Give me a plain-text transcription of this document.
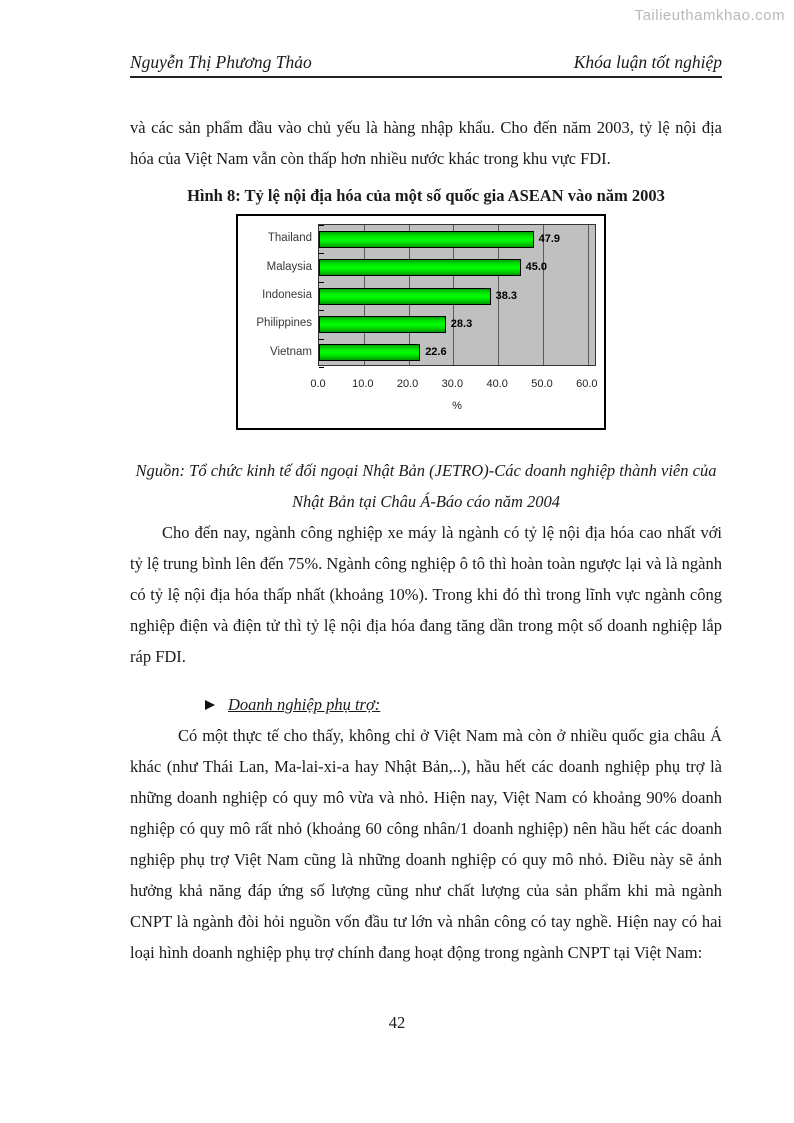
Tailieuthamkhao.com
Nguyễn Thị Phương Thảo	Khóa luận tốt nghiệp

và các sản phẩm đầu vào chủ yếu là hàng nhập khẩu. Cho đến năm 2003, tỷ lệ nội địa hóa của Việt Nam vẫn còn thấp hơn nhiều nước khác trong khu vực FDI.

Hình 8: Tỷ lệ nội địa hóa của một số quốc gia ASEAN vào năm 2003

47.9
45.0
38.3
28.3
22.6
0.0	10.0	20.0	30.0	40.0	50.0	60.0
%
Thailand
Malaysia
Indonesia
Philippines
Vietnam

Nguồn: Tổ chức kinh tế đối ngoại Nhật Bản (JETRO)-Các doanh nghiệp thành viên của Nhật Bản tại Châu Á-Báo cáo năm 2004

Cho đến nay, ngành công nghiệp xe máy là ngành có tỷ lệ nội địa hóa cao nhất với tỷ lệ trung bình lên đến 75%. Ngành công nghiệp ô tô thì hoàn toàn ngược lại và là ngành có tỷ lệ nội địa hóa thấp nhất (khoảng 10%). Trong khi đó thì trong lĩnh vực ngành công nghiệp điện và điện tử thì tỷ lệ nội địa hóa đang tăng dần trong một số doanh nghiệp lắp ráp FDI.

Doanh nghiệp phụ trợ:

Có một thực tế cho thấy, không chỉ ở Việt Nam mà còn ở nhiều quốc gia châu Á khác (như Thái Lan, Ma-lai-xi-a hay Nhật Bản,..), hầu hết các doanh nghiệp phụ trợ là những doanh nghiệp có quy mô vừa và nhỏ. Hiện nay, Việt Nam có khoảng 90% doanh nghiệp có quy mô rất nhỏ (khoảng 60 công nhân/1 doanh nghiệp) nên hầu hết các doanh nghiệp phụ trợ Việt Nam cũng là những doanh nghiệp có quy mô nhỏ. Điều này sẽ ảnh hưởng khả năng đáp ứng số lượng cũng như chất lượng của sản phẩm khi mà ngành CNPT là ngành đòi hỏi nguồn vốn đầu tư lớn và nhân công có tay nghề. Hiện nay có hai loại hình doanh nghiệp phụ trợ chính đang hoạt động trong ngành CNPT tại Việt Nam:

42
